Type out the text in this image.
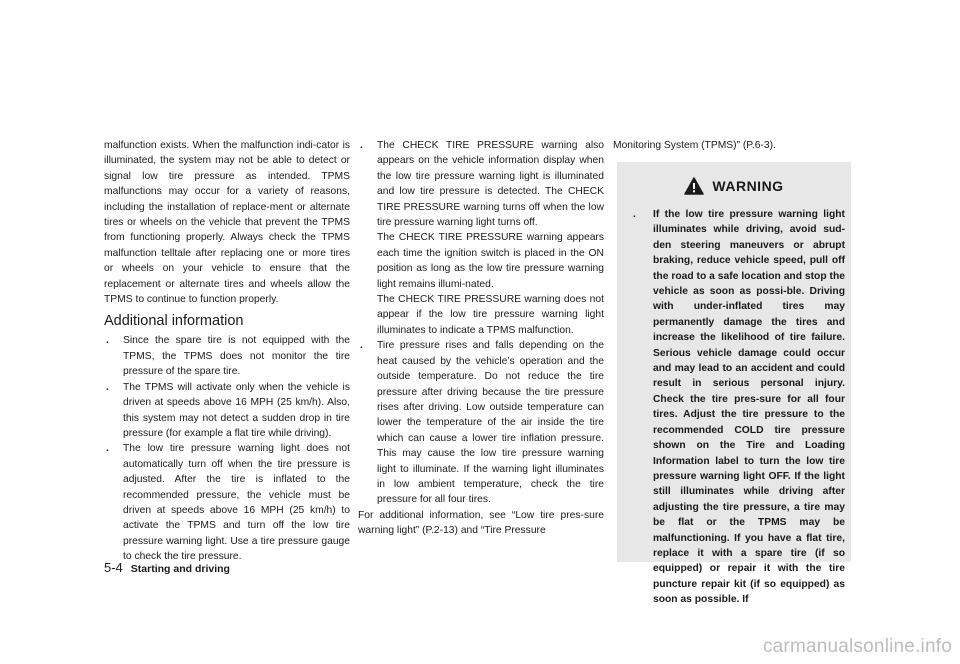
malfunction exists. When the malfunction indi-cator is illuminated, the system may not be able to detect or signal low tire pressure as intended. TPMS malfunctions may occur for a variety of reasons, including the installation of replace-ment or alternate tires or wheels on the vehicle that prevent the TPMS from functioning properly. Always check the TPMS malfunction telltale after replacing one or more tires or wheels on your vehicle to ensure that the replacement or alternate tires and wheels allow the TPMS to continue to function properly.

Additional information
. Since the spare tire is not equipped with the TPMS, the TPMS does not monitor the tire pressure of the spare tire.
. The TPMS will activate only when the vehicle is driven at speeds above 16 MPH (25 km/h). Also, this system may not detect a sudden drop in tire pressure (for example a flat tire while driving).
. The low tire pressure warning light does not automatically turn off when the tire pressure is adjusted. After the tire is inflated to the recommended pressure, the vehicle must be driven at speeds above 16 MPH (25 km/h) to activate the TPMS and turn off the low tire pressure warning light. Use a tire pressure gauge to check the tire pressure.
. The CHECK TIRE PRESSURE warning also appears on the vehicle information display when the low tire pressure warning light is illuminated and low tire pressure is detected. The CHECK TIRE PRESSURE warning turns off when the low tire pressure warning light turns off.

The CHECK TIRE PRESSURE warning appears each time the ignition switch is placed in the ON position as long as the low tire pressure warning light remains illumi-nated.

The CHECK TIRE PRESSURE warning does not appear if the low tire pressure warning light illuminates to indicate a TPMS malfunction.

. Tire pressure rises and falls depending on the heat caused by the vehicle’s operation and the outside temperature. Do not reduce the tire pressure after driving because the tire pressure rises after driving. Low outside temperature can lower the temperature of the air inside the tire which can cause a lower tire inflation pressure. This may cause the low tire pressure warning light to illuminate. If the warning light illuminates in low ambient temperature, check the tire pressure for all four tires.

For additional information, see “Low tire pres-sure warning light” (P.2-13) and “Tire Pressure

Monitoring System (TPMS)” (P.6-3).

WARNING
.	If the low tire pressure warning light illuminates while driving, avoid sud-den steering maneuvers or abrupt braking, reduce vehicle speed, pull off the road to a safe location and stop the vehicle as soon as possi-ble. Driving with under-inflated tires may permanently damage the tires and increase the likelihood of tire failure. Serious vehicle damage could occur and may lead to an accident and could result in serious personal injury. Check the tire pres-sure for all four tires. Adjust the tire pressure to the recommended COLD tire pressure shown on the Tire and Loading Information label to turn the low tire pressure warning light OFF. If the light still illuminates while driving after adjusting the tire pressure, a tire may be flat or the TPMS may be malfunctioning. If you have a flat tire, replace it with a spare tire (if so equipped) or repair it with the tire puncture repair kit (if so equipped) as soon as possible. If

5-4 Starting and driving
carmanualsonline.info
